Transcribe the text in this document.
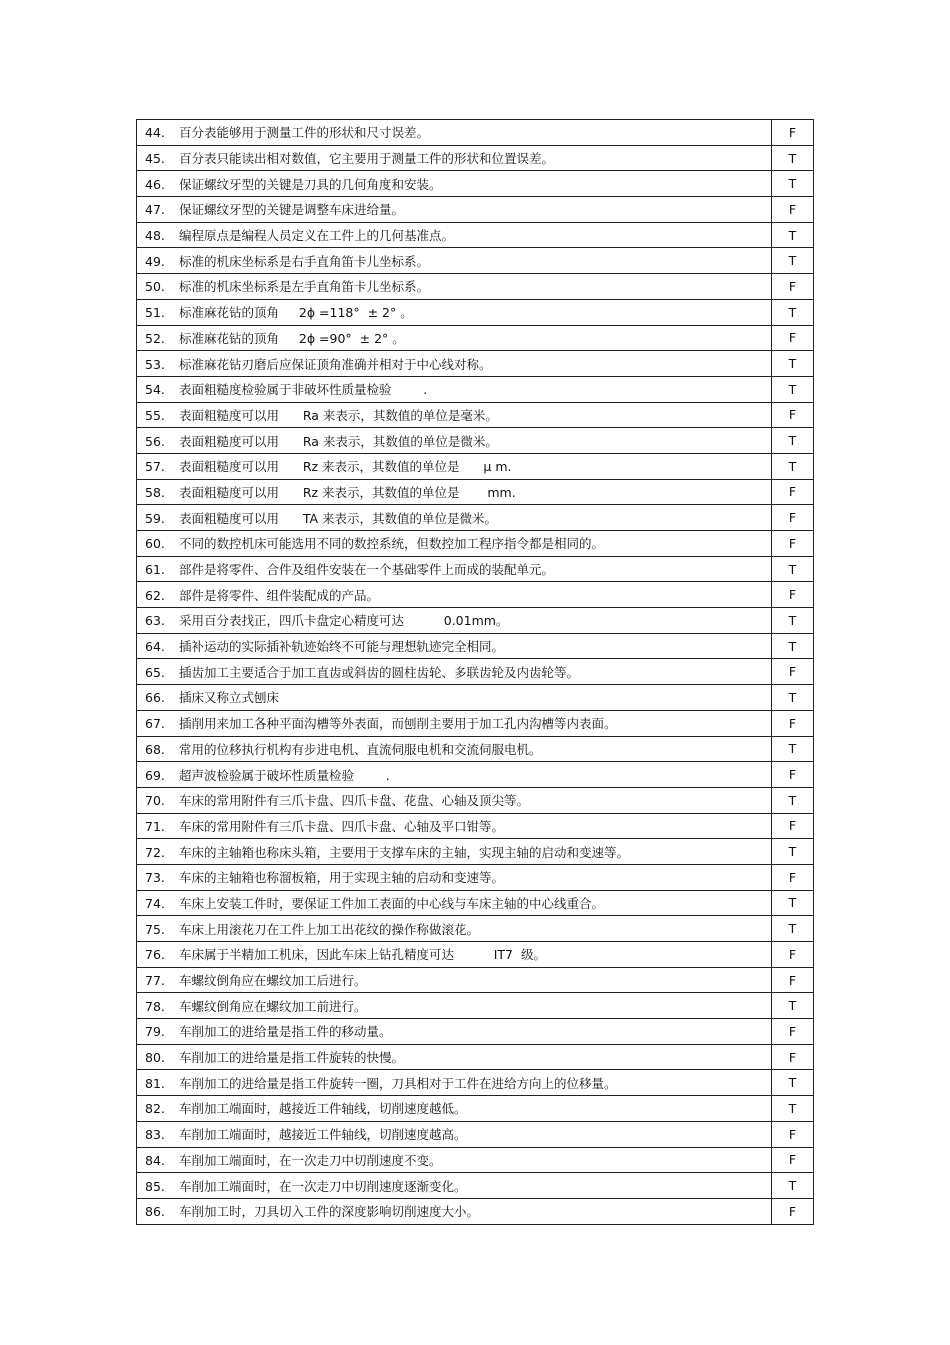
44. 百分表能够用于测量工件的形状和尺寸误差。	F
45. 百分表只能读出相对数值，它主要用于测量工件的形状和位置误差。	T
46. 保证螺纹牙型的关键是刀具的几何角度和安装。	T
47. 保证螺纹牙型的关键是调整车床进给量。	F
48. 编程原点是编程人员定义在工件上的几何基准点。	T
49. 标准的机床坐标系是右手直角笛卡儿坐标系。	T
50. 标准的机床坐标系是左手直角笛卡儿坐标系。	F
51. 标准麻花钻的顶角     2ϕ =118°  ± 2° 。	T
52. 标准麻花钻的顶角     2ϕ =90°  ± 2° 。	F
53. 标准麻花钻刃磨后应保证顶角准确并相对于中心线对称。	T
54. 表面粗糙度检验属于非破坏性质量检验        .	T
55. 表面粗糙度可以用      Ra 来表示，其数值的单位是毫米。	F
56. 表面粗糙度可以用      Ra 来表示，其数值的单位是微米。	T
57. 表面粗糙度可以用      Rz 来表示，其数值的单位是      μ m.	T
58. 表面粗糙度可以用      Rz 来表示，其数值的单位是       mm.	F
59. 表面粗糙度可以用      TA 来表示，其数值的单位是微米。	F
60. 不同的数控机床可能选用不同的数控系统，但数控加工程序指令都是相同的。	F
61. 部件是将零件、合件及组件安装在一个基础零件上而成的装配单元。	T
62. 部件是将零件、组件装配成的产品。	F
63. 采用百分表找正，四爪卡盘定心精度可达          0.01mm。	T
64. 插补运动的实际插补轨迹始终不可能与理想轨迹完全相同。	T
65. 插齿加工主要适合于加工直齿或斜齿的圆柱齿轮、多联齿轮及内齿轮等。	F
66. 插床又称立式刨床	T
67. 插削用来加工各种平面沟槽等外表面，而刨削主要用于加工孔内沟槽等内表面。	F
68. 常用的位移执行机构有步进电机、直流伺服电机和交流伺服电机。	T
69. 超声波检验属于破坏性质量检验        .	F
70. 车床的常用附件有三爪卡盘、四爪卡盘、花盘、心轴及顶尖等。	T
71. 车床的常用附件有三爪卡盘、四爪卡盘、心轴及平口钳等。	F
72. 车床的主轴箱也称床头箱，主要用于支撑车床的主轴，实现主轴的启动和变速等。	T
73. 车床的主轴箱也称溜板箱，用于实现主轴的启动和变速等。	F
74. 车床上安装工件时，要保证工件加工表面的中心线与车床主轴的中心线重合。	T
75. 车床上用滚花刀在工件上加工出花纹的操作称做滚花。	T
76. 车床属于半精加工机床，因此车床上钻孔精度可达          IT7  级。	F
77. 车螺纹倒角应在螺纹加工后进行。	F
78. 车螺纹倒角应在螺纹加工前进行。	T
79. 车削加工的进给量是指工件的移动量。	F
80. 车削加工的进给量是指工件旋转的快慢。	F
81. 车削加工的进给量是指工件旋转一圈，刀具相对于工件在进给方向上的位移量。	T
82. 车削加工端面时，越接近工件轴线，切削速度越低。	T
83. 车削加工端面时，越接近工件轴线，切削速度越高。	F
84. 车削加工端面时，在一次走刀中切削速度不变。	F
85. 车削加工端面时，在一次走刀中切削速度逐渐变化。	T
86. 车削加工时，刀具切入工件的深度影响切削速度大小。	F
